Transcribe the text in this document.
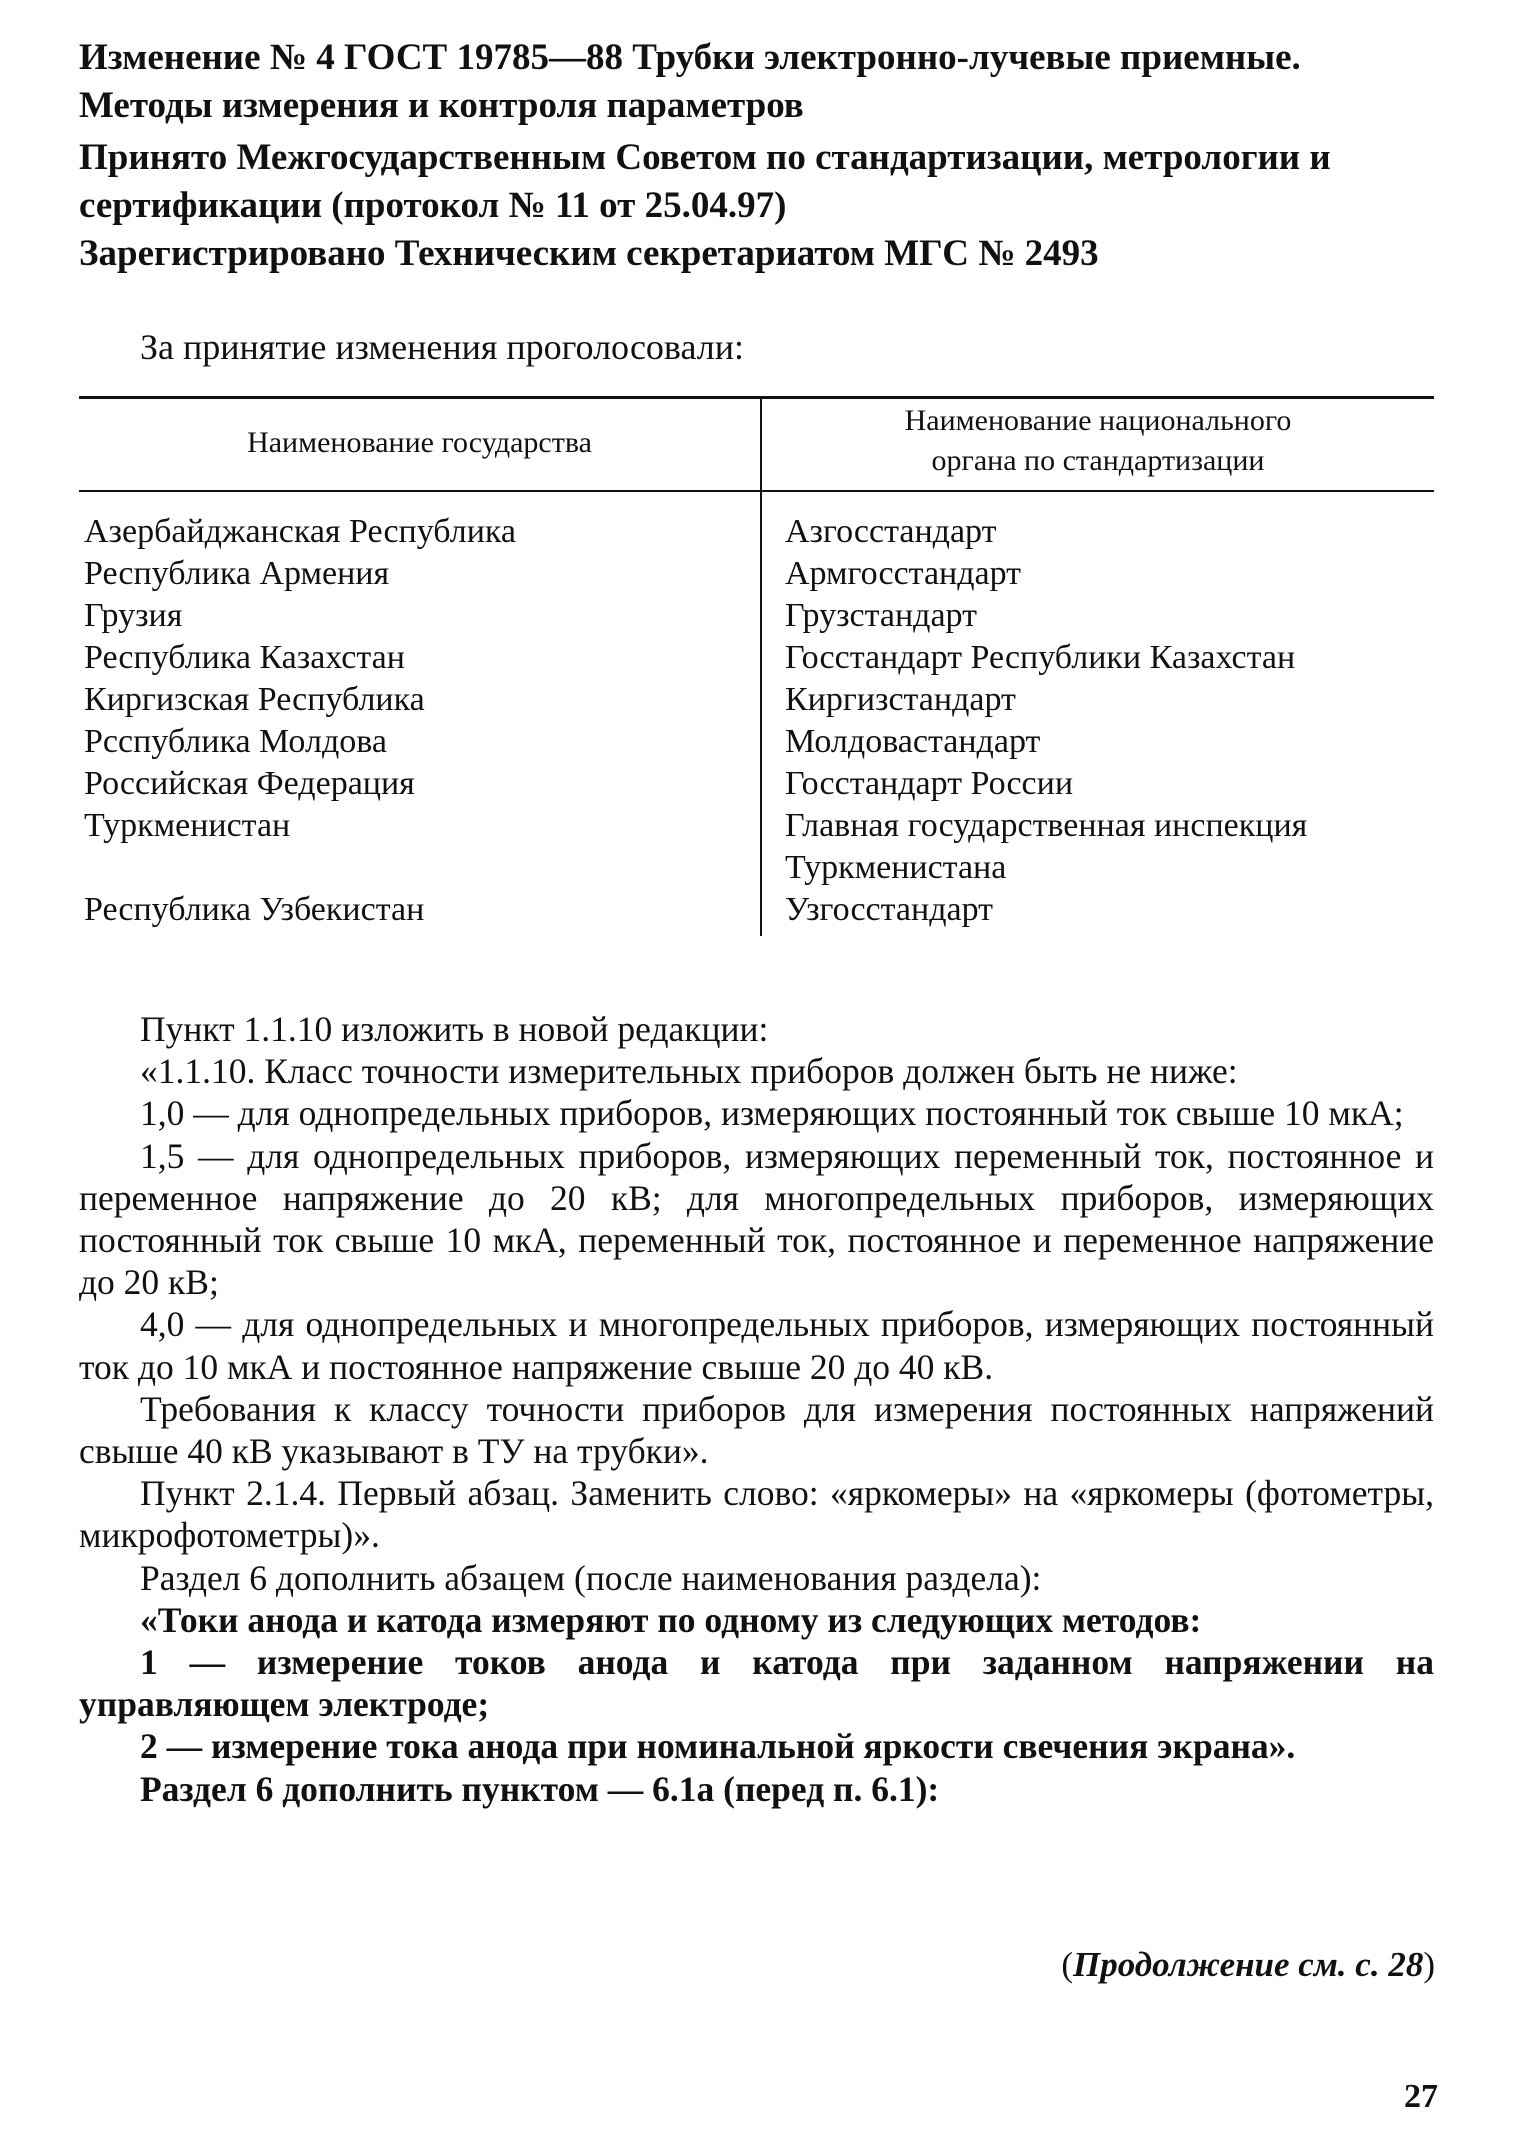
Изменение № 4 ГОСТ 19785—88 Трубки электронно-лучевые приемные.
Методы измерения и контроля параметров
Принято Межгосударственным Советом по стандартизации, метрологии и
сертификации (протокол № 11 от 25.04.97)
Зарегистрировано Техническим секретариатом МГС № 2493
За принятие изменения проголосовали:
Наименование государства
Наименование национального
органа по стандартизации
Азербайджанская Республика
Республика Армения
Грузия
Республика Казахстан
Киргизская Республика
Рсспублика Молдова
Российская Федерация
Туркменистан

Республика Узбекистан
Азгосстандарт
Армгосстандарт
Грузстандарт
Госстандарт Республики Казахстан
Киргизстандарт
Молдовастандарт
Госстандарт России
Главная государственная инспекция
Туркменистана
Узгосстандарт

Пункт 1.1.10 изложить в новой редакции:

«1.1.10. Класс точности измерительных приборов должен быть не ниже:

1,0 — для однопредельных приборов, измеряющих постоянный ток свыше 10 мкА;

1,5 — для однопредельных приборов, измеряющих переменный ток, постоянное и переменное напряжение до 20 кВ; для многопредельных приборов, измеряющих постоянный ток свыше 10 мкА, переменный ток, постоянное и переменное напряжение до 20 кВ;

4,0 — для однопредельных и многопредельных приборов, измеряющих постоянный ток до 10 мкА и постоянное напряжение свыше 20 до 40 кВ.

Требования к классу точности приборов для измерения постоянных напряжений свыше 40 кВ указывают в ТУ на трубки».

Пункт 2.1.4. Первый абзац. Заменить слово: «яркомеры» на «яркомеры (фотометры, микрофотометры)».

Раздел 6 дополнить абзацем (после наименования раздела):

«Токи анода и катода измеряют по одному из следующих методов:

1 — измерение токов анода и катода при заданном напряжении на управляющем электроде;

2 — измерение тока анода при номинальной яркости свечения экрана».

Раздел 6 дополнить пунктом — 6.1а (перед п. 6.1):

(Продолжение см. с. 28)
27
